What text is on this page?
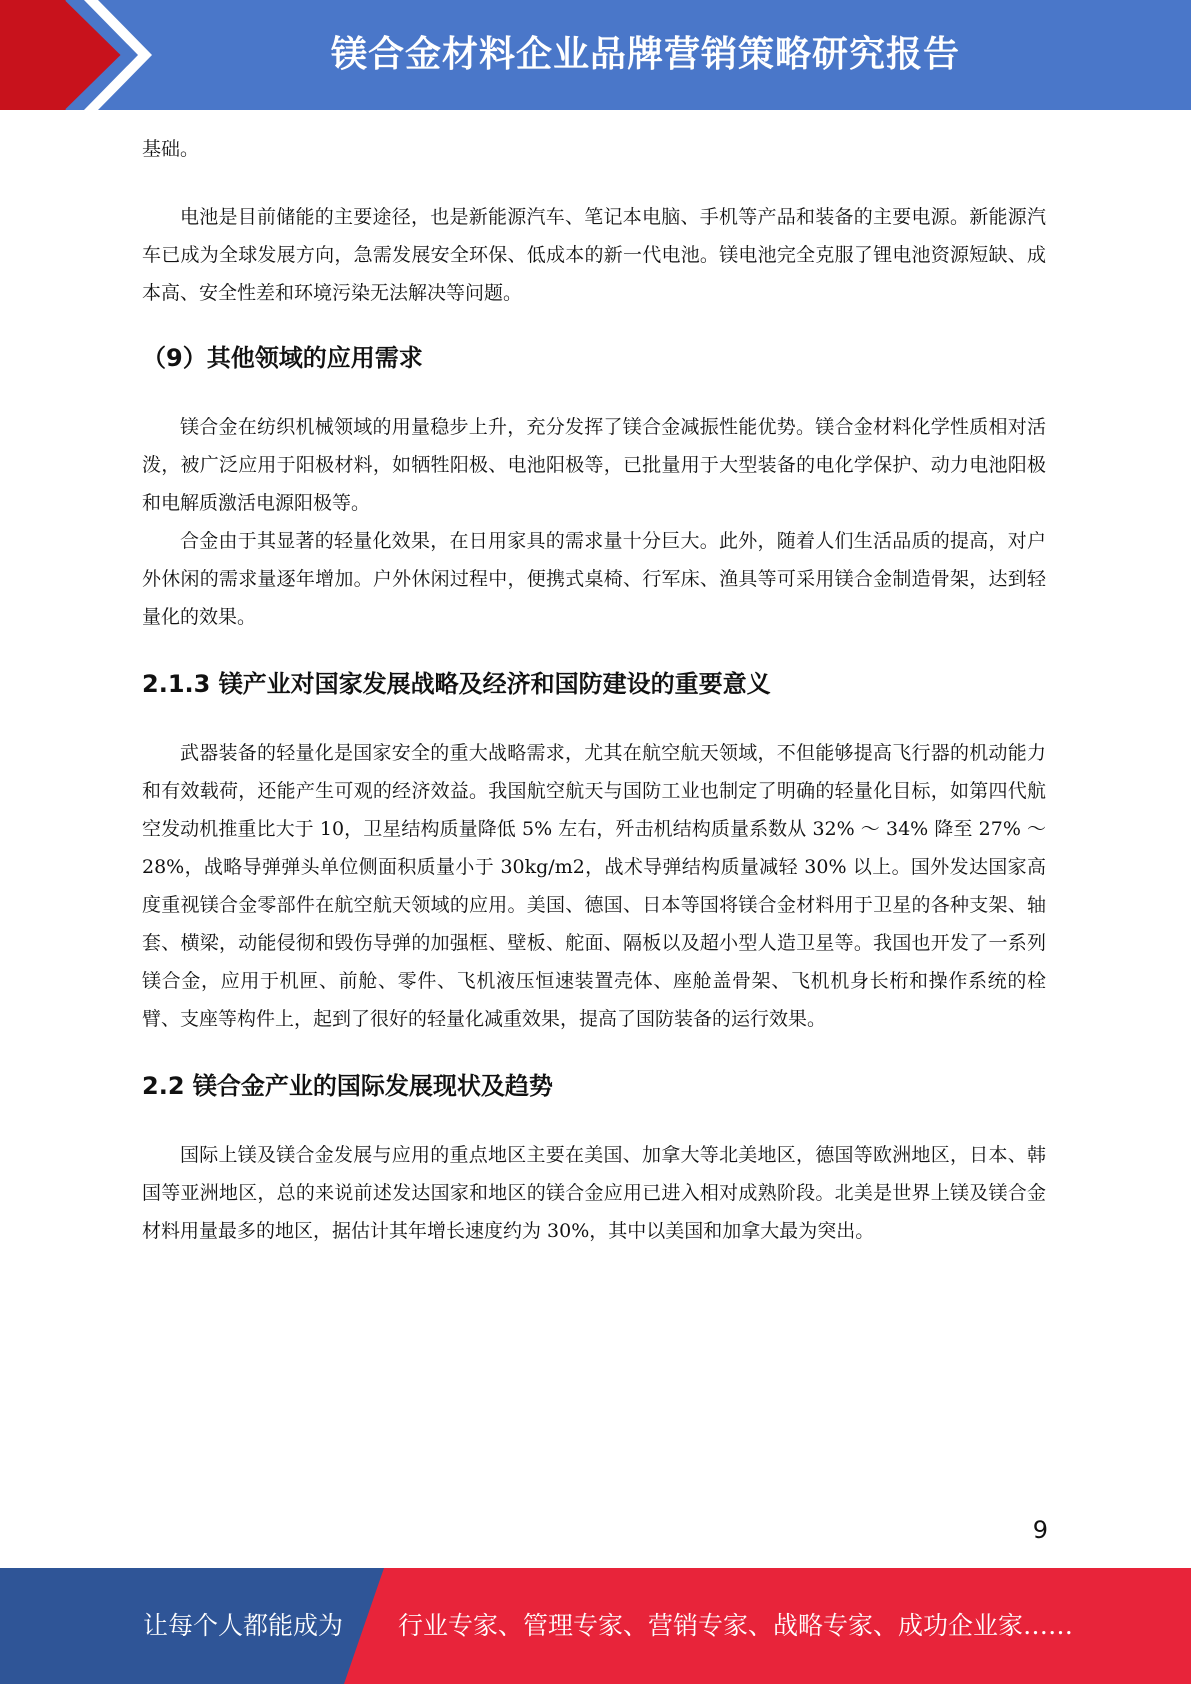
镁合金材料企业品牌营销策略研究报告

基础。

电池是目前储能的主要途径，也是新能源汽车、笔记本电脑、手机等产品和装备的主要电源。新能源汽车已成为全球发展方向，急需发展安全环保、低成本的新一代电池。镁电池完全克服了锂电池资源短缺、成本高、安全性差和环境污染无法解决等问题。

（9）其他领域的应用需求

镁合金在纺织机械领域的用量稳步上升，充分发挥了镁合金减振性能优势。镁合金材料化学性质相对活泼，被广泛应用于阳极材料，如牺牲阳极、电池阳极等，已批量用于大型装备的电化学保护、动力电池阳极和电解质激活电源阳极等。

合金由于其显著的轻量化效果，在日用家具的需求量十分巨大。此外，随着人们生活品质的提高，对户外休闲的需求量逐年增加。户外休闲过程中，便携式桌椅、行军床、渔具等可采用镁合金制造骨架，达到轻量化的效果。

2.1.3 镁产业对国家发展战略及经济和国防建设的重要意义

武器装备的轻量化是国家安全的重大战略需求，尤其在航空航天领域，不但能够提高飞行器的机动能力和有效载荷，还能产生可观的经济效益。我国航空航天与国防工业也制定了明确的轻量化目标，如第四代航空发动机推重比大于 10，卫星结构质量降低 5% 左右，歼击机结构质量系数从 32% ～ 34% 降至 27% ～ 28%，战略导弹弹头单位侧面积质量小于 30kg/m2，战术导弹结构质量减轻 30% 以上。国外发达国家高度重视镁合金零部件在航空航天领域的应用。美国、德国、日本等国将镁合金材料用于卫星的各种支架、轴套、横梁，动能侵彻和毁伤导弹的加强框、壁板、舵面、隔板以及超小型人造卫星等。我国也开发了一系列镁合金，应用于机匣、前舱、零件、飞机液压恒速装置壳体、座舱盖骨架、飞机机身长桁和操作系统的栓臂、支座等构件上，起到了很好的轻量化减重效果，提高了国防装备的运行效果。

2.2 镁合金产业的国际发展现状及趋势

国际上镁及镁合金发展与应用的重点地区主要在美国、加拿大等北美地区，德国等欧洲地区，日本、韩国等亚洲地区，总的来说前述发达国家和地区的镁合金应用已进入相对成熟阶段。北美是世界上镁及镁合金材料用量最多的地区，据估计其年增长速度约为 30%，其中以美国和加拿大最为突出。

9
让每个人都能成为 行业专家、管理专家、营销专家、战略专家、成功企业家……
